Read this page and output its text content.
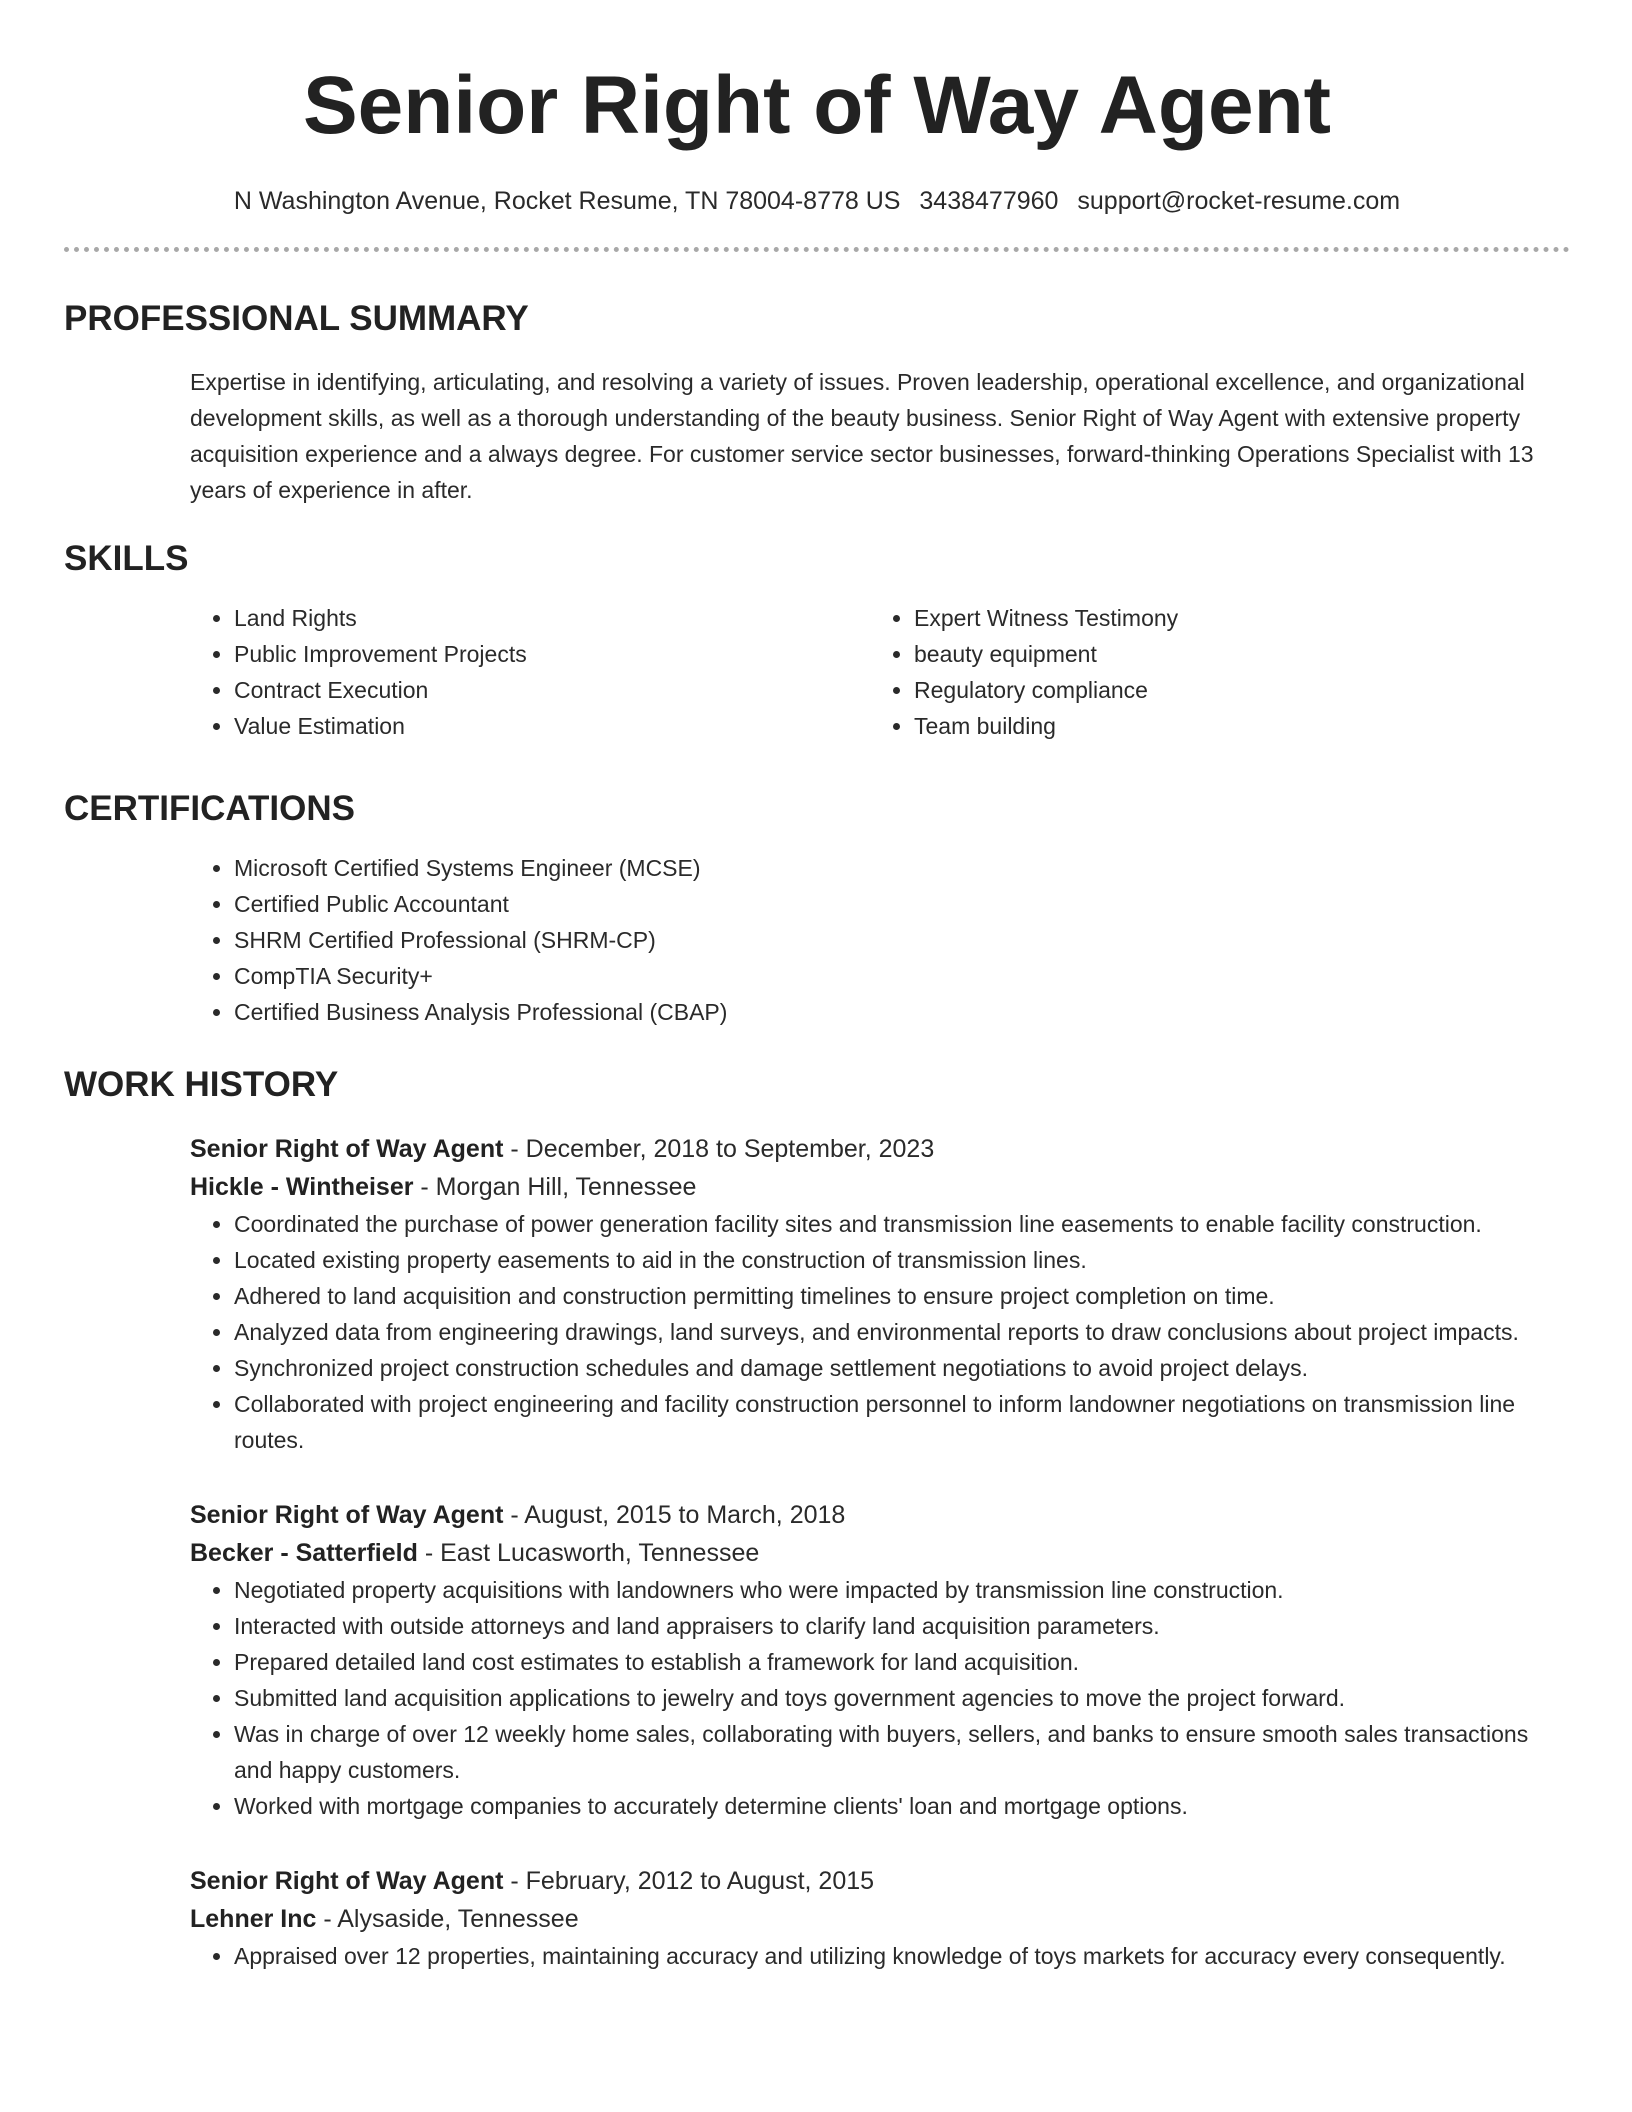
Senior Right of Way Agent
N Washington Avenue, Rocket Resume, TN 78004-8778 US 3438477960 support@rocket-resume.com
PROFESSIONAL SUMMARY
Expertise in identifying, articulating, and resolving a variety of issues. Proven leadership, operational excellence, and organizational development skills, as well as a thorough understanding of the beauty business. Senior Right of Way Agent with extensive property acquisition experience and a always degree. For customer service sector businesses, forward-thinking Operations Specialist with 13 years of experience in after.
SKILLS
• Land Rights
• Public Improvement Projects
• Contract Execution
• Value Estimation
• Expert Witness Testimony
• beauty equipment
• Regulatory compliance
• Team building
CERTIFICATIONS
• Microsoft Certified Systems Engineer (MCSE)
• Certified Public Accountant
• SHRM Certified Professional (SHRM-CP)
• CompTIA Security+
• Certified Business Analysis Professional (CBAP)
WORK HISTORY
Senior Right of Way Agent - December, 2018 to September, 2023
Hickle - Wintheiser - Morgan Hill, Tennessee
• Coordinated the purchase of power generation facility sites and transmission line easements to enable facility construction.
• Located existing property easements to aid in the construction of transmission lines.
• Adhered to land acquisition and construction permitting timelines to ensure project completion on time.
• Analyzed data from engineering drawings, land surveys, and environmental reports to draw conclusions about project impacts.
• Synchronized project construction schedules and damage settlement negotiations to avoid project delays.
• Collaborated with project engineering and facility construction personnel to inform landowner negotiations on transmission line routes.
Senior Right of Way Agent - August, 2015 to March, 2018
Becker - Satterfield - East Lucasworth, Tennessee
• Negotiated property acquisitions with landowners who were impacted by transmission line construction.
• Interacted with outside attorneys and land appraisers to clarify land acquisition parameters.
• Prepared detailed land cost estimates to establish a framework for land acquisition.
• Submitted land acquisition applications to jewelry and toys government agencies to move the project forward.
• Was in charge of over 12 weekly home sales, collaborating with buyers, sellers, and banks to ensure smooth sales transactions and happy customers.
• Worked with mortgage companies to accurately determine clients' loan and mortgage options.
Senior Right of Way Agent - February, 2012 to August, 2015
Lehner Inc - Alysaside, Tennessee
• Appraised over 12 properties, maintaining accuracy and utilizing knowledge of toys markets for accuracy every consequently.
